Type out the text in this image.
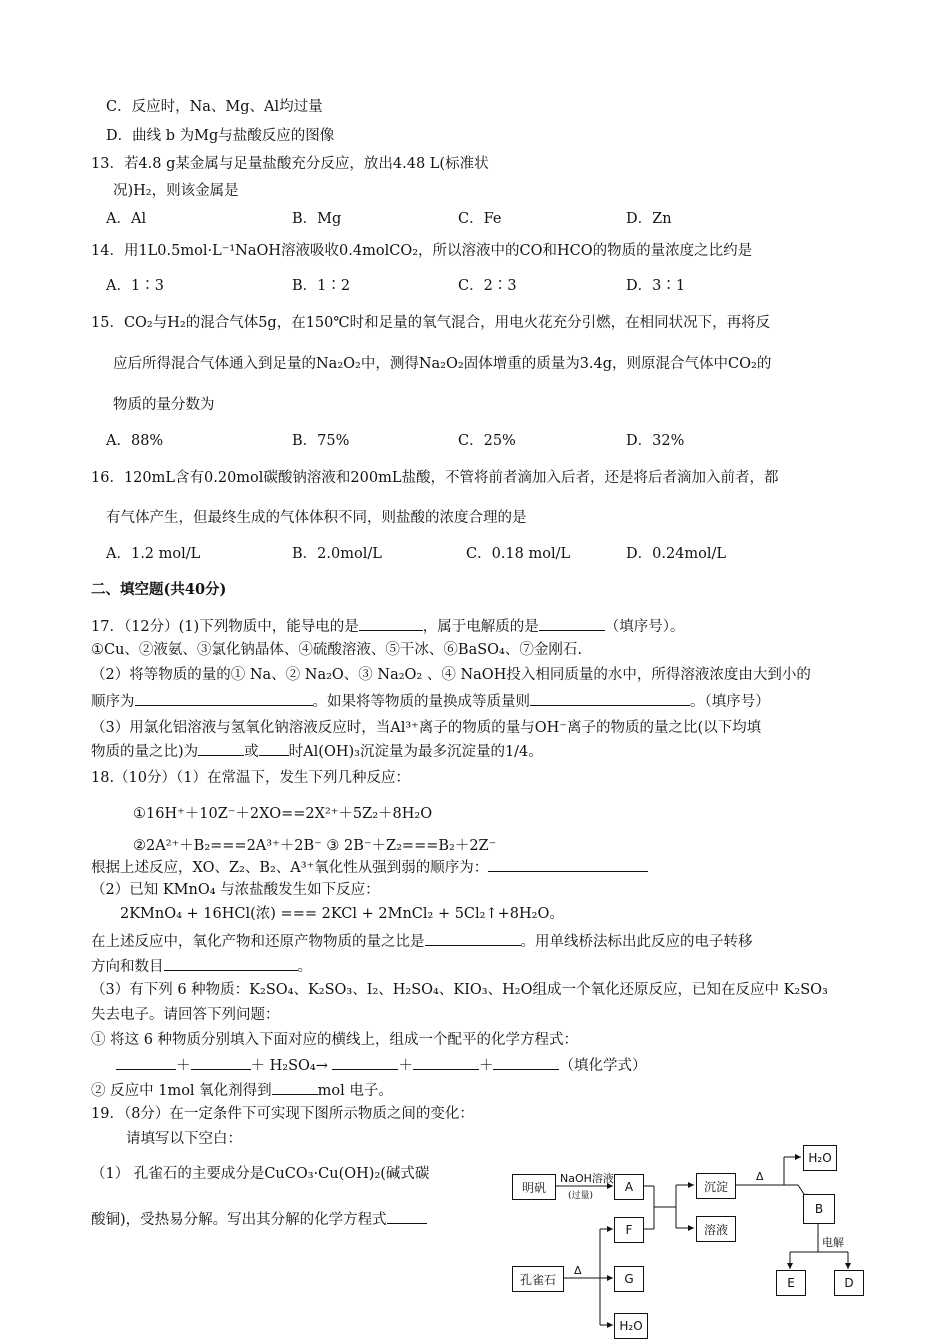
C．反应时，Na、Mg、Al均过量
D．曲线 b 为Mg与盐酸反应的图像
13．若4.8 g某金属与足量盐酸充分反应，放出4.48 L(标准状
况)H₂，则该金属是
A．Al	B．Mg	C．Fe	D．Zn
14．用1L0.5mol·L⁻¹NaOH溶液吸收0.4molCO₂，所以溶液中的CO和HCO的物质的量浓度之比约是
A．1∶3	B．1∶2	C．2∶3	D．3∶1
15．CO₂与H₂的混合气体5g，在150℃时和足量的氧气混合，用电火花充分引燃，在相同状况下，再将反
应后所得混合气体通入到足量的Na₂O₂中，测得Na₂O₂固体增重的质量为3.4g，则原混合气体中CO₂的
物质的量分数为
A．88%	B．75%	C．25%	D．32%
16．120mL含有0.20mol碳酸钠溶液和200mL盐酸，不管将前者滴加入后者，还是将后者滴加入前者，都
有气体产生，但最终生成的气体体积不同，则盐酸的浓度合理的是
A．1.2 mol/L	B．2.0mol/L	C．0.18 mol/L	D．0.24mol/L
二、填空题(共40分)
17．（12分）(1)下列物质中，能导电的是	，属于电解质的是	（填序号）。
①Cu、②液氨、③氯化钠晶体、④硫酸溶液、⑤干冰、⑥BaSO₄、⑦金刚石.
（2）将等物质的量的① Na、② Na₂O、③ Na₂O₂ 、④ NaOH投入相同质量的水中，所得溶液浓度由大到小的
顺序为	。如果将等物质的量换成等质量则	。（填序号）
（3）用氯化铝溶液与氢氧化钠溶液反应时，当Al³⁺离子的物质的量与OH⁻离子的物质的量之比(以下均填
物质的量之比)为	或 时Al(OH)₃沉淀量为最多沉淀量的1/4。
18.（10分）（1）在常温下，发生下列几种反应：
①16H⁺＋10Z⁻＋2XO==2X²⁺＋5Z₂＋8H₂O
②2A²⁺＋B₂===2A³⁺＋2B⁻ ③ 2B⁻＋Z₂===B₂＋2Z⁻
根据上述反应，XO、Z₂、B₂、A³⁺氧化性从强到弱的顺序为：
（2）已知 KMnO₄ 与浓盐酸发生如下反应：
2KMnO₄ + 16HCl(浓) === 2KCl + 2MnCl₂ + 5Cl₂↑+8H₂O。
在上述反应中，氧化产物和还原产物物质的量之比是	。用单线桥法标出此反应的电子转移
方向和数目	。
（3）有下列 6 种物质：K₂SO₄、K₂SO₃、I₂、H₂SO₄、KIO₃、H₂O组成一个氧化还原反应，已知在反应中 K₂SO₃
失去电子。请回答下列问题：
① 将这 6 种物质分别填入下面对应的横线上，组成一个配平的化学方程式：
＋	＋ H₂SO₄→	＋	＋	（填化学式）
② 反应中 1mol 氧化剂得到	mol 电子。
19．（8分）在一定条件下可实现下图所示物质之间的变化：
请填写以下空白：
（1） 孔雀石的主要成分是CuCO₃·Cu(OH)₂(碱式碳
酸铜)，受热易分解。写出其分解的化学方程式
明矾
NaOH溶液
(过量)
A	沉淀
溶液
Δ
H₂O
B
电解
E	D
F
孔雀石
Δ
G
H₂O
